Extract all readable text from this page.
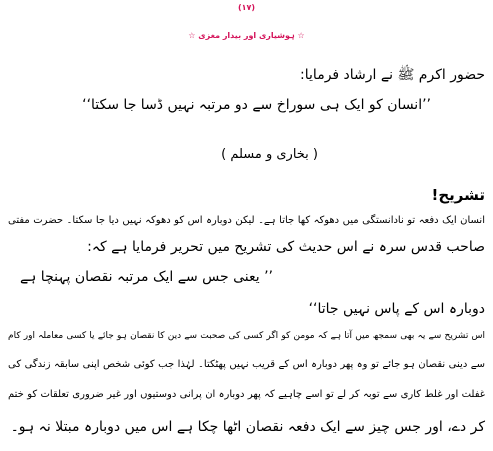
(۱۷)
☆ ہوشیاری اور بیدار مغزی ☆
حضور اکرم ﷺ نے ارشاد فرمایا:
’’انسان کو ایک ہی سوراخ سے دو مرتبہ نہیں ڈسا جا سکتا‘‘
( بخاری و مسلم )
تشریح!
انسان ایک دفعہ تو نادانستگی میں دھوکہ کھا جاتا ہے۔ لیکن دوبارہ اس کو دھوکہ نہیں دیا جا سکتا۔ حضرت مفتی
صاحب قدس سرہ نے اس حدیث کی تشریح میں تحریر فرمایا ہے کہ:
’’ یعنی جس سے ایک مرتبہ نقصان پہنچا ہے
دوبارہ اس کے پاس نہیں جاتا‘‘
اس تشریح سے یہ بھی سمجھ میں آتا ہے کہ مومن کو اگر کسی کی صحبت سے دین کا نقصان ہو جائے یا کسی معاملہ اور کام
سے دینی نقصان ہو جائے تو وہ پھر دوبارہ اس کے قریب نہیں پھٹکتا۔ لہٰذا جب کوئی شخص اپنی سابقہ زندگی کی
غفلت اور غلط کاری سے توبہ کر لے تو اسے چاہیے کہ پھر دوبارہ ان پرانی دوستیوں اور غیر ضروری تعلقات کو ختم
کر دے، اور جس چیز سے ایک دفعہ نقصان اٹھا چکا ہے اس میں دوبارہ مبتلا نہ ہو۔
